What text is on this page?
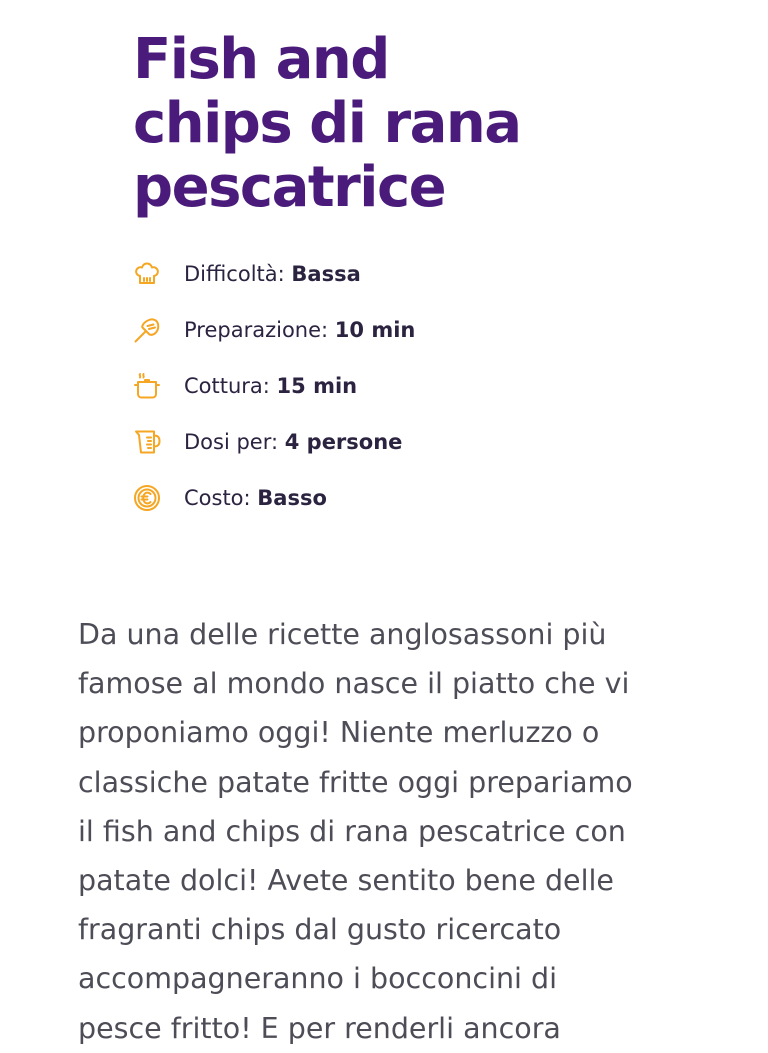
Fish and
chips di rana
pescatrice
Difficoltà: Bassa
Preparazione: 10 min
Cottura: 15 min
Dosi per: 4 persone
Costo: Basso

Da una delle ricette anglosassoni più
famose al mondo nasce il piatto che vi
proponiamo oggi! Niente merluzzo o
classiche patate fritte oggi prepariamo
il fish and chips di rana pescatrice con
patate dolci! Avete sentito bene delle
fragranti chips dal gusto ricercato
accompagneranno i bocconcini di
pesce fritto! E per renderli ancora
